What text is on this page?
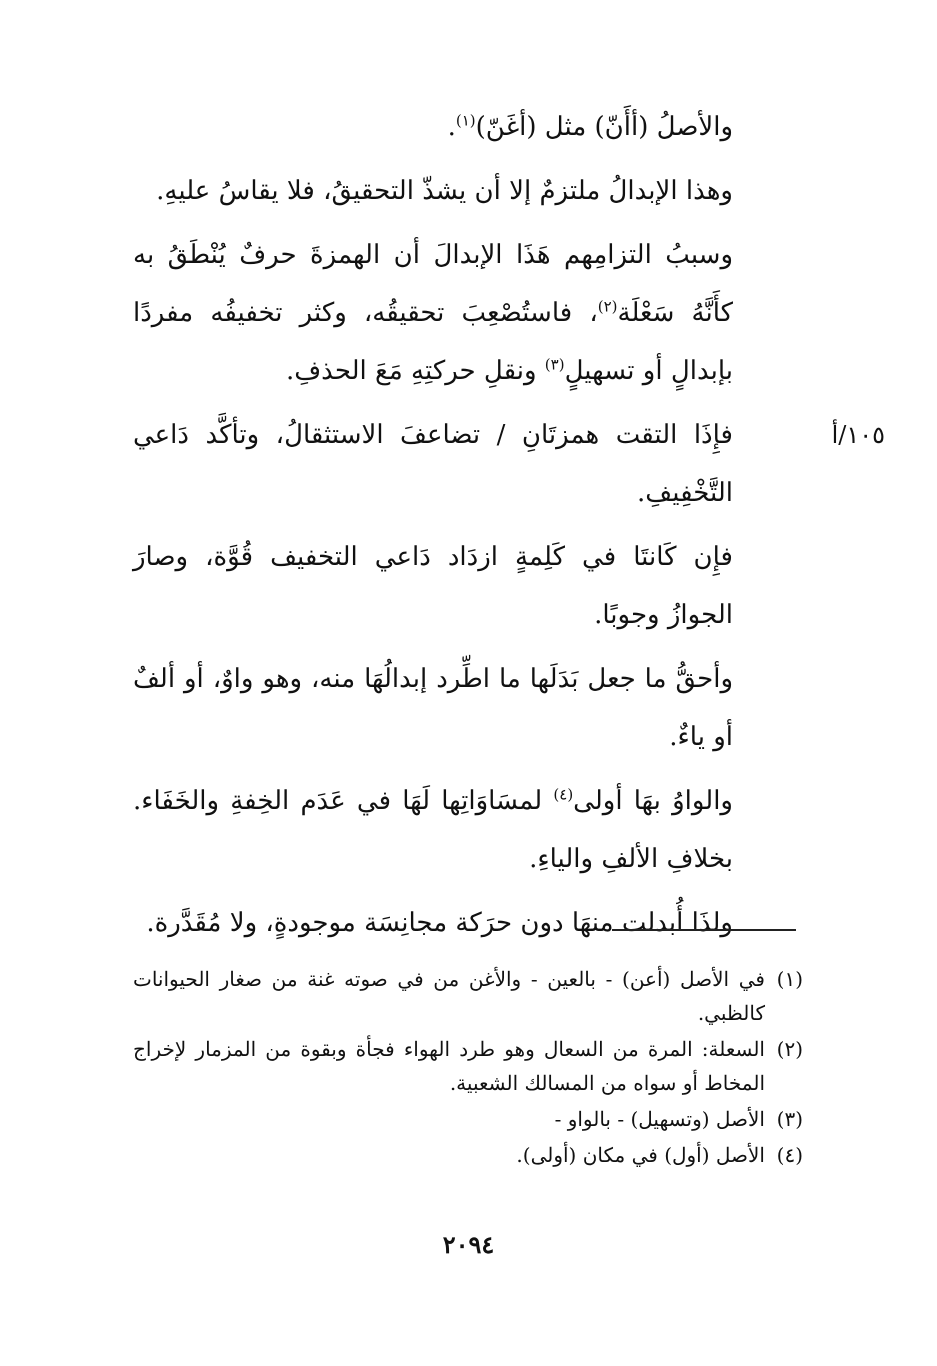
والأصلُ (أأَنّ) مثل (أغَنّ)$^{(١)}$.

وهذا الإبدالُ ملتزمٌ إلا أن يشذّ التحقيقُ، فلا يقاسُ عليهِ.

وسببُ التزامِهم هَذَا الإبدالَ أن الهمزةَ حرفٌ يُنْطَقُ به كأَنَّهُ سَعْلَة$^{(٢)}$، فاستُصْعِبَ تحقيقُه، وكثر تخفيفُه مفردًا بإبدالٍ أو تسهيلٍ$^{(٣)}$ ونقلِ حركتِهِ مَعَ الحذفِ.

١٠٥/أ
فإِذَا التقت همزتَانِ / تضاعفَ الاستثقالُ، وتأكَّد دَاعي التَّخْفِيفِ.

فإِن كَانتَا في كَلِمةٍ ازدَاد دَاعي التخفيف قُوَّة، وصارَ الجوازُ وجوبًا.

وأحقُّ ما جعل بَدَلَها ما اطِّرد إبدالُهَا منه، وهو واوٌ، أو ألفٌ أو ياءٌ.

والواوُ بهَا أولى$^{(٤)}$ لمسَاوَاتِها لَهَا في عَدَم الخِفةِ والخَفَاء. بخلافِ الألفِ والياءِ.

ولذَا أُبدلت منهَا دون حرَكة مجانِسَة موجودةٍ، ولا مُقَدَّرة.

(١)
في الأصل (أعن) - بالعين - والأغن من في صوته غنة من صغار الحيوانات كالظبي.
(٢)
السعلة: المرة من السعال وهو طرد الهواء فجأة وبقوة من المزمار لإخراج المخاط أو سواه من المسالك الشعبية.
(٣)
الأصل (وتسهيل) - بالواو -
(٤)
الأصل (أول) في مكان (أولى).
٢٠٩٤
